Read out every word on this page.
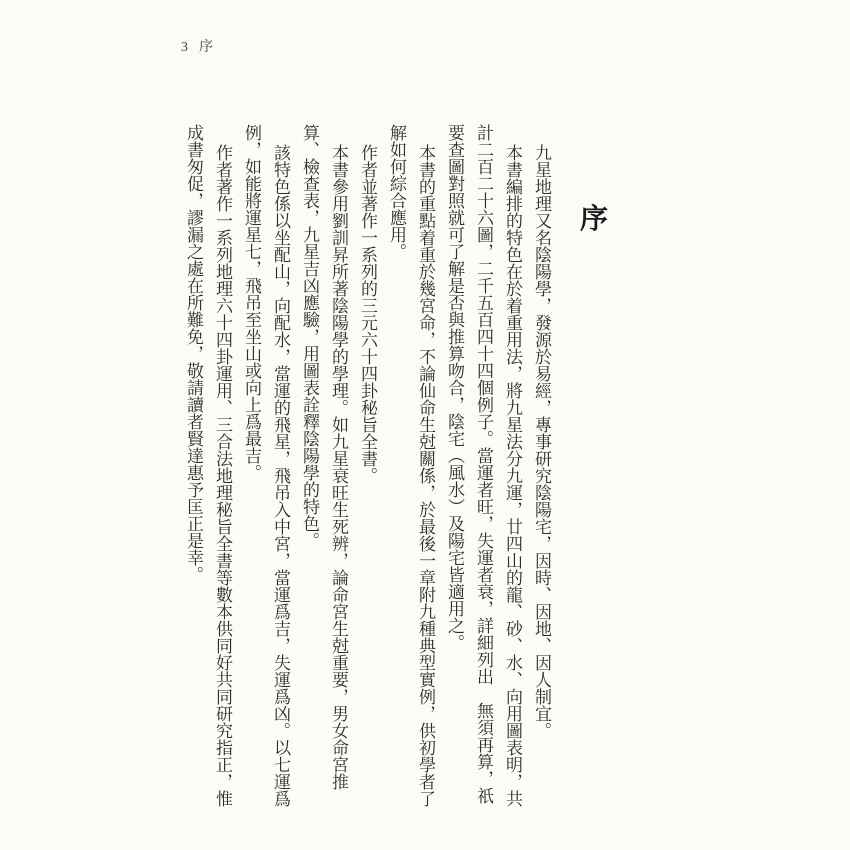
3 序
序

九星地理又名陰陽學，發源於易經，專事研究陰陽宅，因時、因地、因人制宜。

本書編排的特色在於着重用法，將九星法分九運，廿四山的龍、砂、水、向用圖表明，共計二百二十六圖，二千五百四十四個例子。當運者旺，失運者衰，詳細列出　無須再算，祇要查圖對照就可了解是否與推算吻合，陰宅（風水）及陽宅皆適用之。

本書的重點着重於幾宮命，不論仙命生尅關係，於最後一章附九種典型實例，供初學者了解如何綜合應用。

作者並著作一系列的三元六十四卦秘旨全書。

本書參用劉訓昇所著陰陽學的學理。如九星衰旺生死辨，論命宮生尅重要，男女命宮推算、檢查表，九星吉凶應驗，用圖表詮釋陰陽學的特色。

該特色係以坐配山，向配水，當運的飛星，飛吊入中宮，當運爲吉，失運爲凶。以七運爲例，如能將運星七，飛吊至坐山或向上爲最吉。

作者著作一系列地理六十四卦運用、三合法地理秘旨全書等數本供同好共同研究指正，惟成書匆促，謬漏之處在所難免，敬請讀者賢達惠予匡正是幸。
